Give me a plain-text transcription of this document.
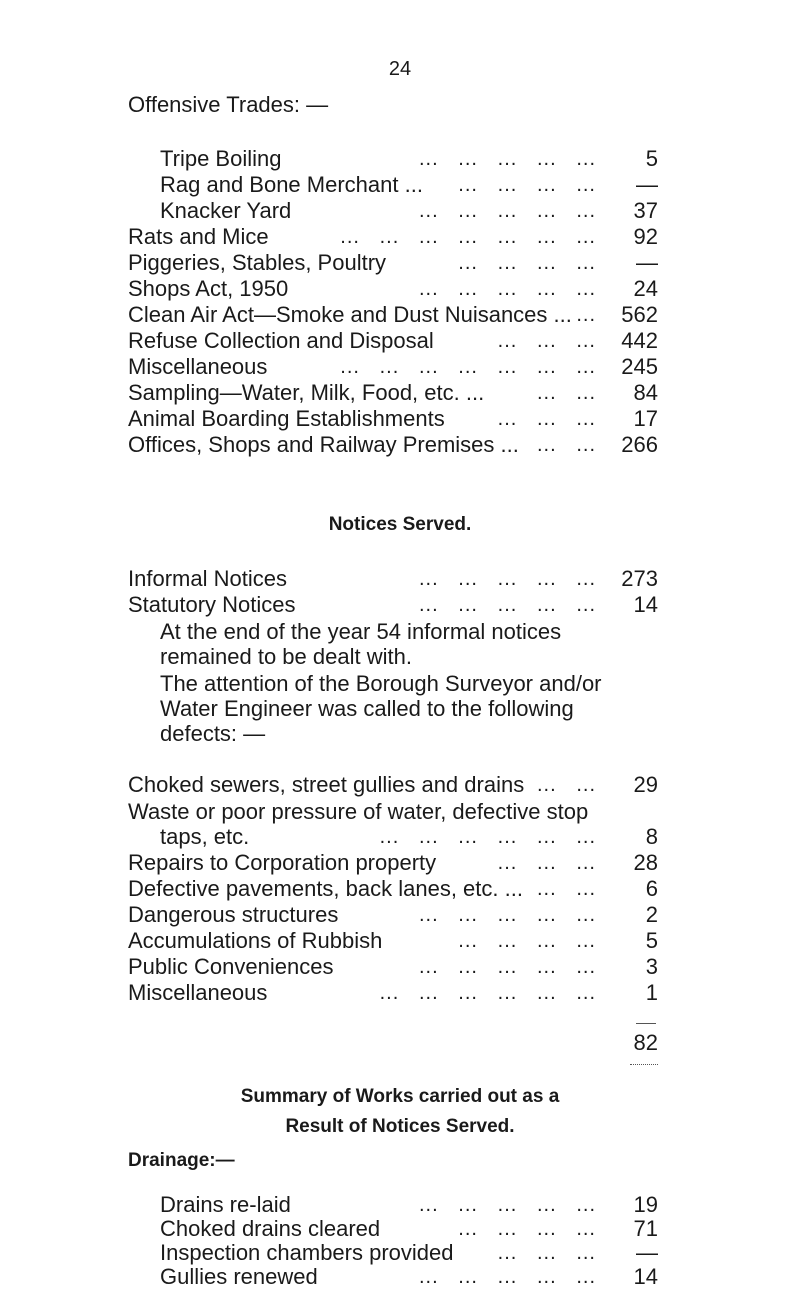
24
Offensive Trades: —
Tripe Boiling	...   ...   ...   ...   ...	5
Rag and Bone Merchant ... ...   ...   ...   ...	—
Knacker Yard	...   ...   ...   ...   ...	37
Rats and Mice	...   ...   ...   ...   ...   ...   ...	92
Piggeries, Stables, Poultry	...   ...   ...   ...	—
Shops Act, 1950	...   ...   ...   ...   ...	24
Clean Air Act—Smoke and Dust Nuisances ... ...	562
Refuse Collection and Disposal	...   ...   ...	442
Miscellaneous	...   ...   ...   ...   ...   ...   ...	245
Sampling—Water, Milk, Food, etc. ...	...   ...	84
Animal Boarding Establishments	...   ...   ...	17
Offices, Shops and Railway Premises ... ...   ...	266
Notices Served.
Informal Notices	...   ...   ...   ...   ...	273
Statutory Notices	...   ...   ...   ...   ...	14
At the end of the year 54 informal notices remained to be dealt with.
The attention of the Borough Surveyor and/or Water Engineer was called to the following defects: —
Choked sewers, street gullies and drains ...   ...	29
Waste or poor pressure of water, defective stop
taps, etc.	...   ...   ...   ...   ...   ...	8
Repairs to Corporation property	...   ...   ...	28
Defective pavements, back lanes, etc. ... ...   ...	6
Dangerous structures	...   ...   ...   ...   ...	2
Accumulations of Rubbish	...   ...   ...   ...	5
Public Conveniences	...   ...   ...   ...   ...	3
Miscellaneous	...   ...   ...   ...   ...   ...	1
82
Summary of Works carried out as a
Result of Notices Served.
Drainage:—
Drains re-laid	...   ...   ...   ...   ...	19
Choked drains cleared	...   ...   ...   ...	71
Inspection chambers provided ...   ...   ...	—
Gullies renewed	...   ...   ...   ...   ...	14
